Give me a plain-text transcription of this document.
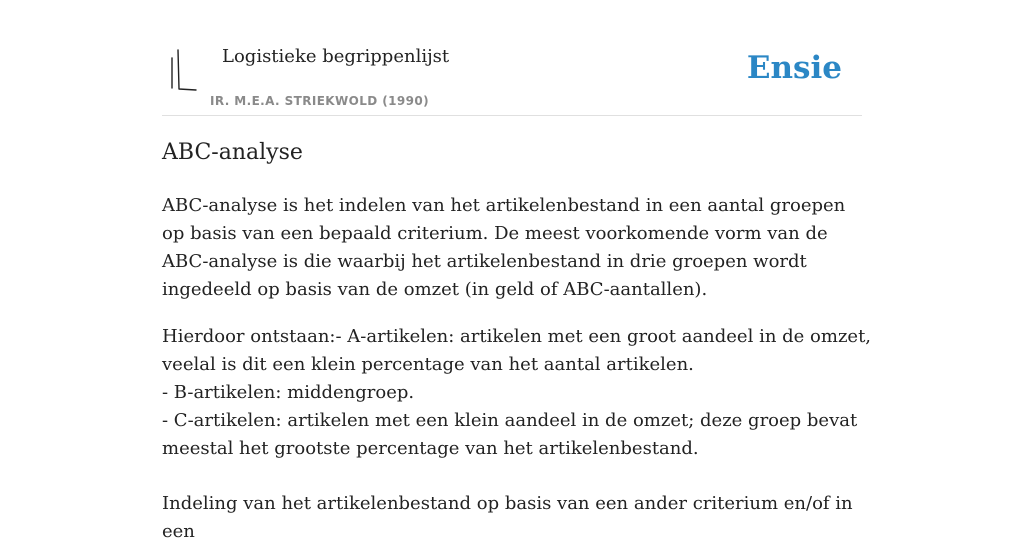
Logistieke begrippenlijst
IR. M.E.A. STRIEKWOLD (1990)
Ensie
ABC-analyse

ABC-analyse is het indelen van het artikelenbestand in een aantal groepen op basis van een bepaald criterium. De meest voorkomende vorm van de ABC-analyse is die waarbij het artikelenbestand in drie groepen wordt ingedeeld op basis van de omzet (in geld of ABC-aantallen).

Hierdoor ontstaan:- A-artikelen: artikelen met een groot aandeel in de omzet,
veelal is dit een klein percentage van het aantal artikelen.
- B-artikelen: middengroep.
- C-artikelen: artikelen met een klein aandeel in de omzet; deze groep bevat
meestal het grootste percentage van het artikelenbestand.

Indeling van het artikelenbestand op basis van een ander criterium en/of in een
